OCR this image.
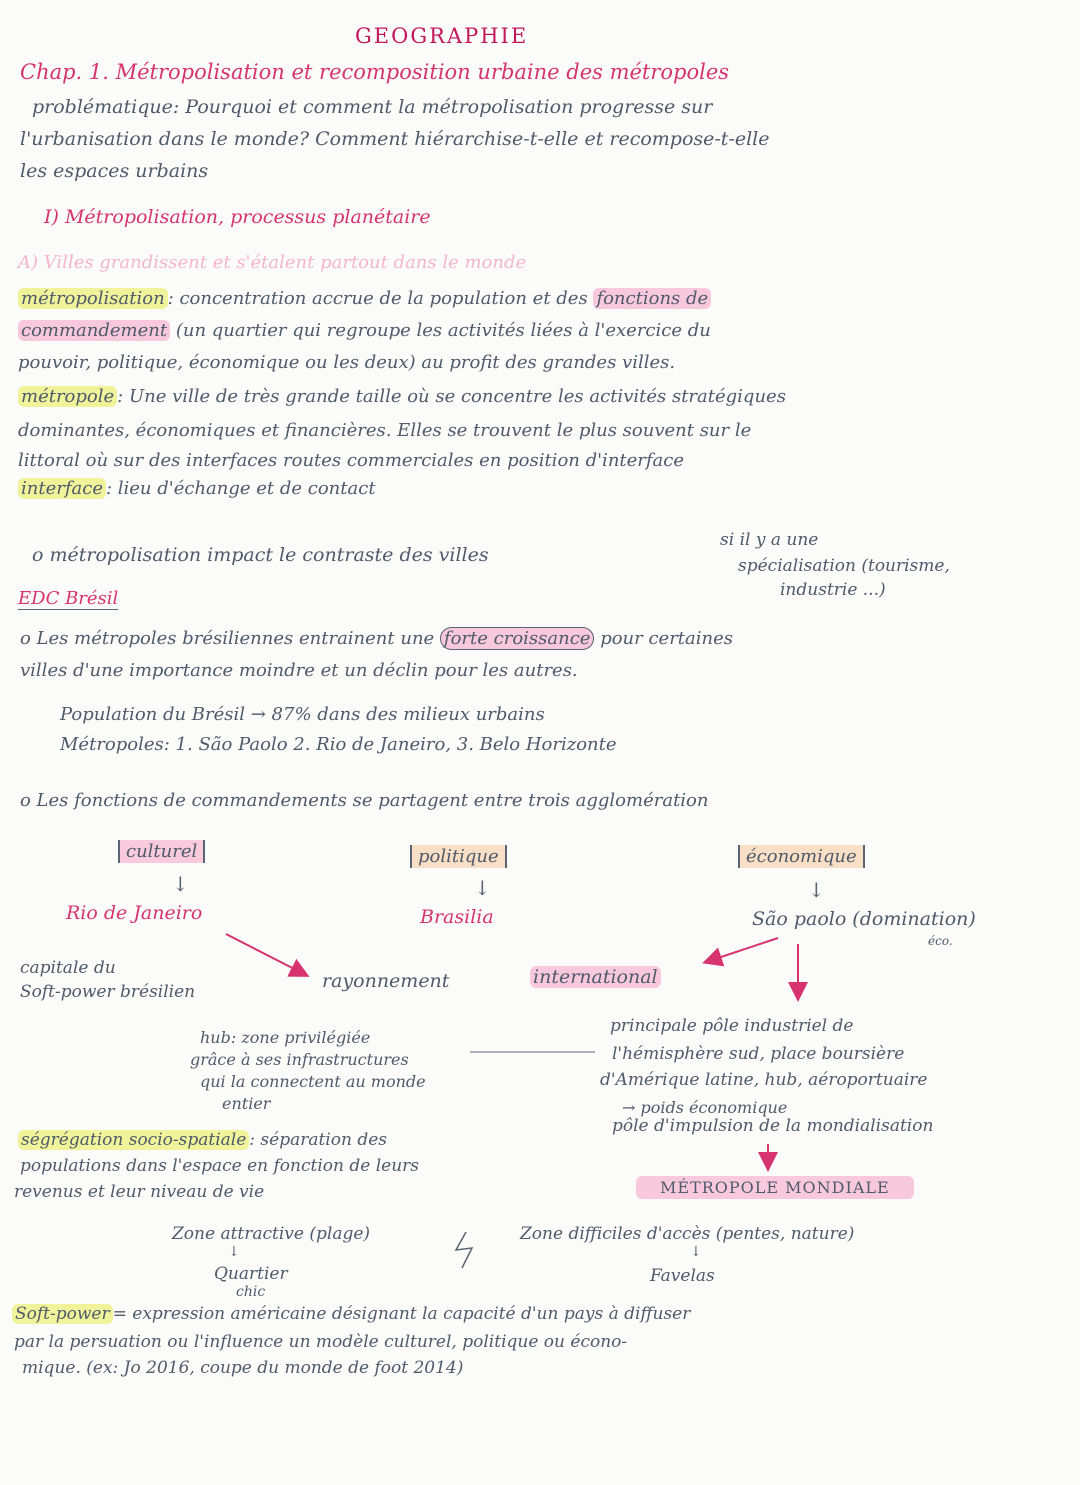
GEOGRAPHIE
Chap. 1. Métropolisation et recomposition urbaine des métropoles
problématique: Pourquoi et comment la métropolisation progresse sur
l'urbanisation dans le monde? Comment hiérarchise-t-elle et recompose-t-elle
les espaces urbains
I) Métropolisation, processus planétaire
A) Villes grandissent et s'étalent partout dans le monde
métropolisation : concentration accrue de la population et des fonctions de
commandement (un quartier qui regroupe les activités liées à l'exercice du
pouvoir, politique, économique ou les deux) au profit des grandes villes.
métropole : Une ville de très grande taille où se concentre les activités stratégiques
dominantes, économiques et financières. Elles se trouvent le plus souvent sur le
littoral où sur des interfaces routes commerciales en position d'interface
interface : lieu d'échange et de contact
si il y a une
spécialisation (tourisme,
industrie ...)
o métropolisation impact le contraste des villes
EDC Brésil
o Les métropoles brésiliennes entrainent une forte croissance pour certaines
villes d'une importance moindre et un déclin pour les autres.
Population du Brésil → 87% dans des milieux urbains
Métropoles: 1. São Paolo 2. Rio de Janeiro, 3. Belo Horizonte
o Les fonctions de commandements se partagent entre trois agglomération
culturel	politique	économique
↓	↓	↓
Rio de Janeiro	Brasilia	São paolo (domination)
éco.
capitale du
Soft-power brésilien	rayonnement	international
hub: zone privilégiée
grâce à ses infrastructures
qui la connectent au monde
entier
principale pôle industriel de
l'hémisphère sud, place boursière
d'Amérique latine, hub, aéroportuaire
→ poids économique
pôle d'impulsion de la mondialisation
MÉTROPOLE MONDIALE
ségrégation socio-spatiale : séparation des
populations dans l'espace en fonction de leurs
revenus et leur niveau de vie
Zone attractive (plage)
↓
Quartier
chic
Zone difficiles d'accès (pentes, nature)
↓
Favelas
Soft-power = expression américaine désignant la capacité d'un pays à diffuser
par la persuation ou l'influence un modèle culturel, politique ou écono-
mique. (ex: Jo 2016, coupe du monde de foot 2014)
